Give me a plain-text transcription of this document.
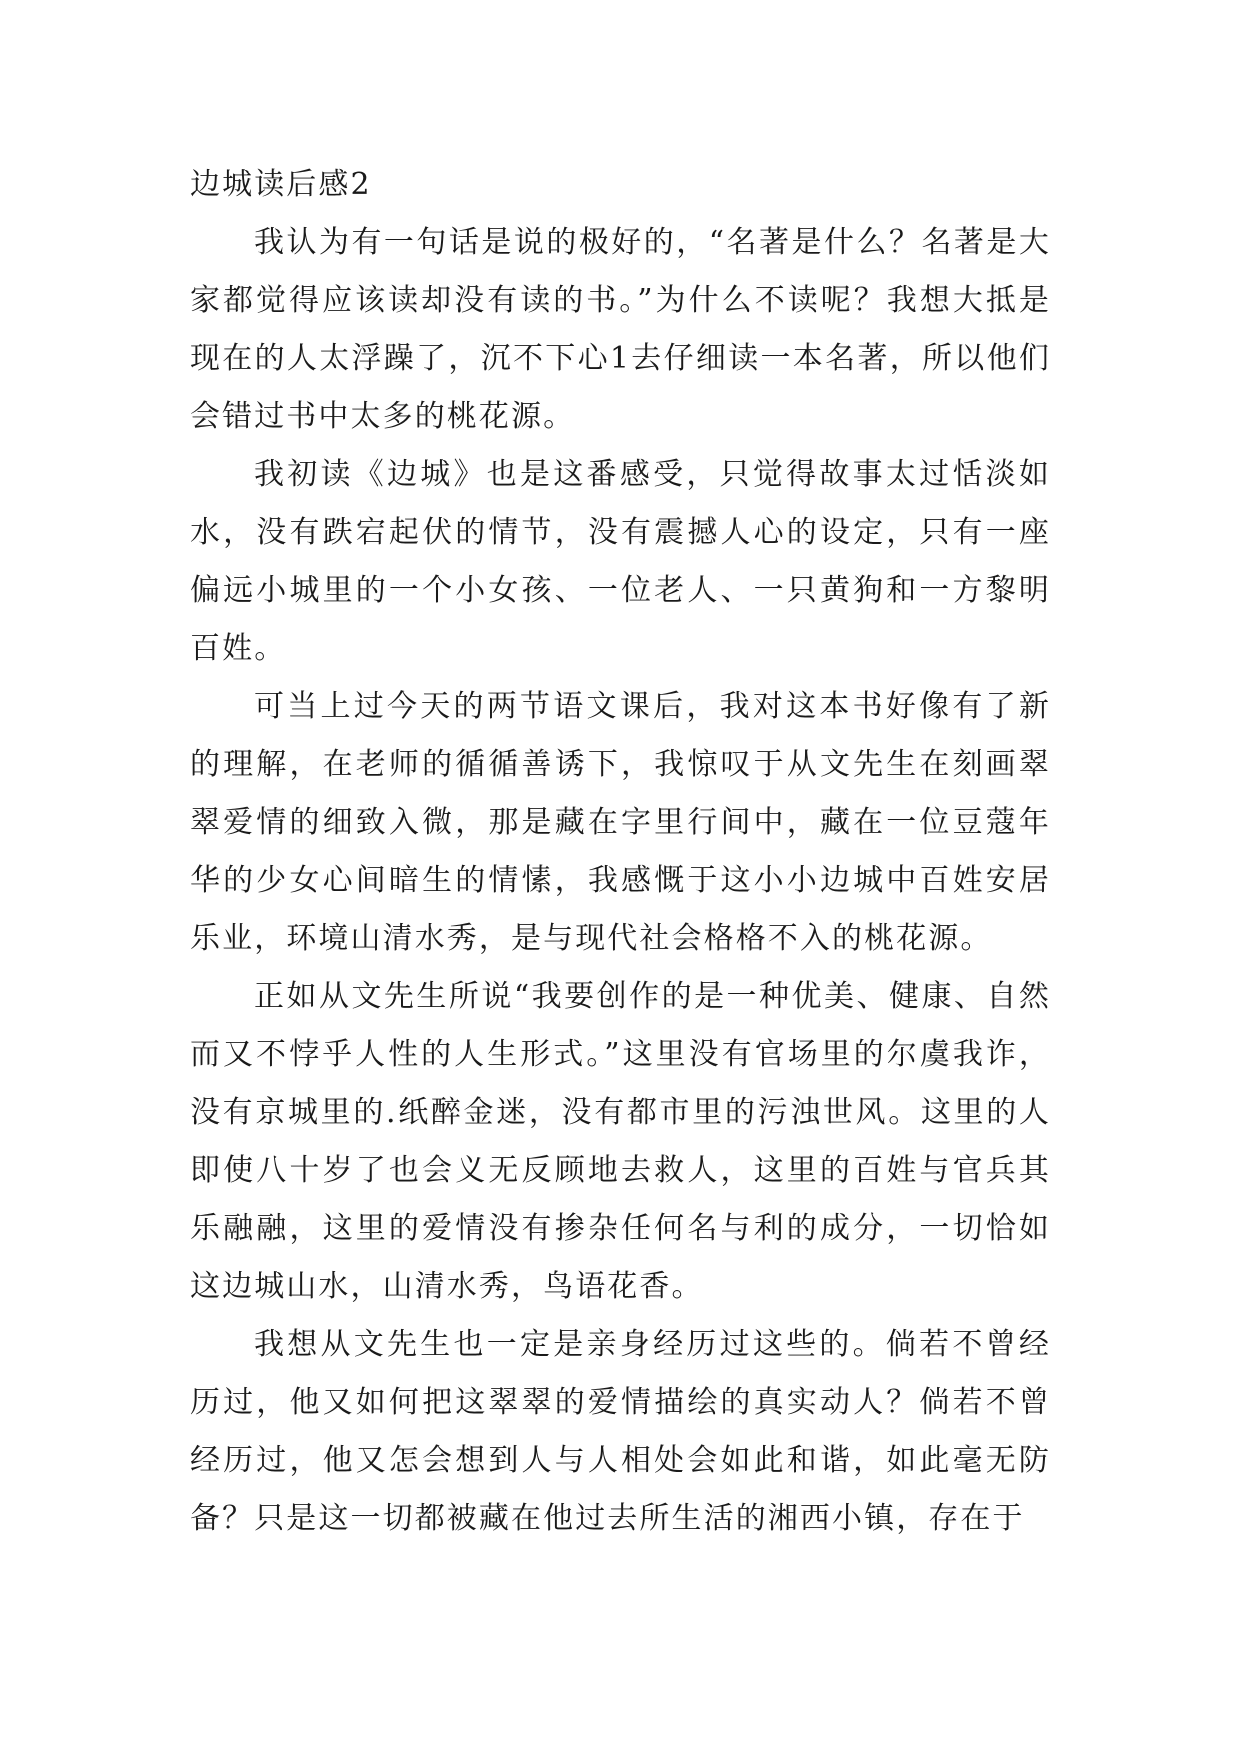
边城读后感2

我认为有一句话是说的极好的，“名著是什么？名著是大家都觉得应该读却没有读的书。”为什么不读呢？我想大抵是现在的人太浮躁了，沉不下心1去仔细读一本名著，所以他们会错过书中太多的桃花源。

我初读《边城》也是这番感受，只觉得故事太过恬淡如水，没有跌宕起伏的情节，没有震撼人心的设定，只有一座偏远小城里的一个小女孩、一位老人、一只黄狗和一方黎明百姓。

可当上过今天的两节语文课后，我对这本书好像有了新的理解，在老师的循循善诱下，我惊叹于从文先生在刻画翠翠爱情的细致入微，那是藏在字里行间中，藏在一位豆蔻年华的少女心间暗生的情愫，我感慨于这小小边城中百姓安居乐业，环境山清水秀，是与现代社会格格不入的桃花源。

正如从文先生所说“我要创作的是一种优美、健康、自然而又不悖乎人性的人生形式。”这里没有官场里的尔虞我诈，没有京城里的.纸醉金迷，没有都市里的污浊世风。这里的人即使八十岁了也会义无反顾地去救人，这里的百姓与官兵其乐融融，这里的爱情没有掺杂任何名与利的成分，一切恰如这边城山水，山清水秀，鸟语花香。

我想从文先生也一定是亲身经历过这些的。倘若不曾经历过，他又如何把这翠翠的爱情描绘的真实动人？倘若不曾经历过，他又怎会想到人与人相处会如此和谐，如此毫无防备？只是这一切都被藏在他过去所生活的湘西小镇，存在于
